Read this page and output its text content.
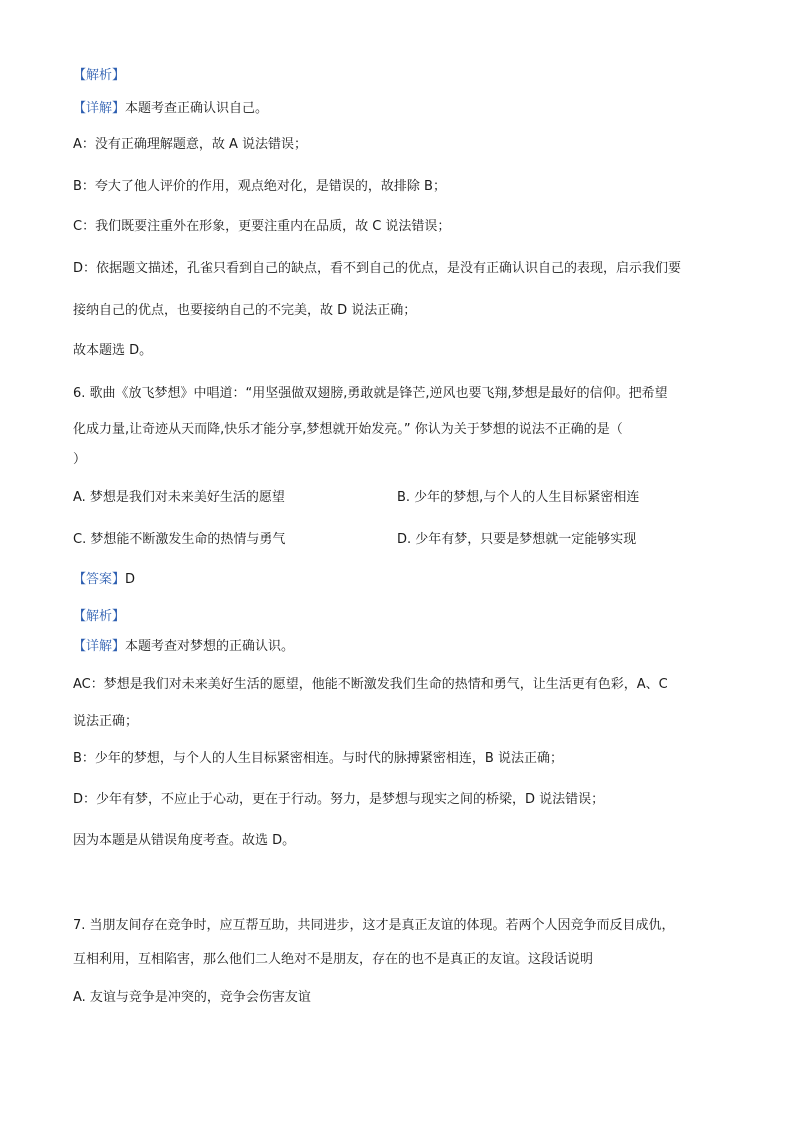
【解析】
【详解】本题考查正确认识自己。
A：没有正确理解题意，故 A 说法错误；
B：夸大了他人评价的作用，观点绝对化，是错误的，故排除 B；
C：我们既要注重外在形象，更要注重内在品质，故 C 说法错误；
D：依据题文描述，孔雀只看到自己的缺点，看不到自己的优点，是没有正确认识自己的表现，启示我们要
接纳自己的优点，也要接纳自己的不完美，故 D 说法正确；
故本题选 D。
6. 歌曲《放飞梦想》中唱道：“用坚强做双翅膀,勇敢就是锋芒,逆风也要飞翔,梦想是最好的信仰。把希望
化成力量,让奇迹从天而降,快乐才能分享,梦想就开始发亮。” 你认为关于梦想的说法不正确的是（
）
A. 梦想是我们对未来美好生活的愿望	B. 少年的梦想,与个人的人生目标紧密相连
C. 梦想能不断激发生命的热情与勇气	D. 少年有梦，只要是梦想就一定能够实现
【答案】D
【解析】
【详解】本题考查对梦想的正确认识。
AC：梦想是我们对未来美好生活的愿望，他能不断激发我们生命的热情和勇气，让生活更有色彩，A、C
说法正确；
B：少年的梦想，与个人的人生目标紧密相连。与时代的脉搏紧密相连，B 说法正确；
D：少年有梦，不应止于心动，更在于行动。努力，是梦想与现实之间的桥梁，D 说法错误；
因为本题是从错误角度考查。故选 D。
7. 当朋友间存在竞争时，应互帮互助，共同进步，这才是真正友谊的体现。若两个人因竞争而反目成仇，
互相利用，互相陷害，那么他们二人绝对不是朋友，存在的也不是真正的友谊。这段话说明
A. 友谊与竞争是冲突的，竞争会伤害友谊
